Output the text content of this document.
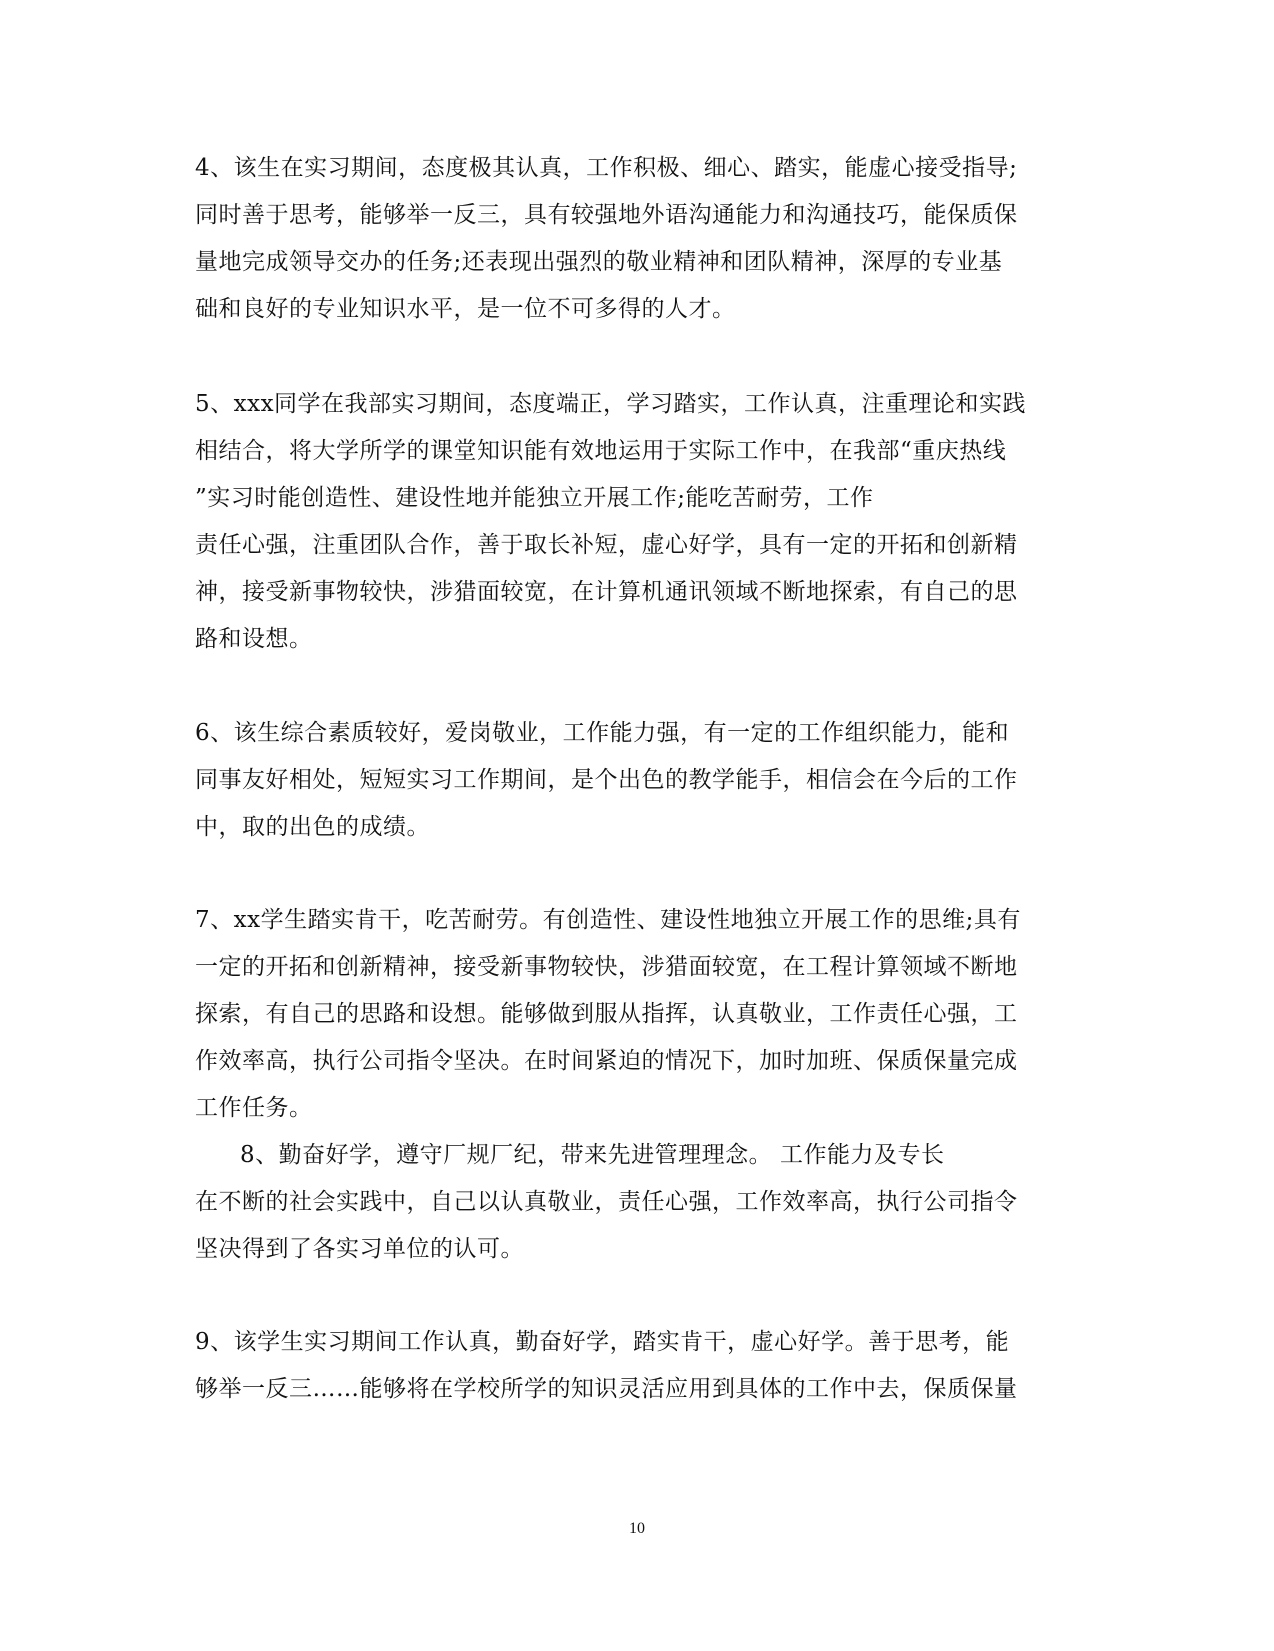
4、该生在实习期间，态度极其认真，工作积极、细心、踏实，能虚心接受指导;
同时善于思考，能够举一反三，具有较强地外语沟通能力和沟通技巧，能保质保
量地完成领导交办的任务;还表现出强烈的敬业精神和团队精神，深厚的专业基
础和良好的专业知识水平，是一位不可多得的人才。
5、xxx同学在我部实习期间，态度端正，学习踏实，工作认真，注重理论和实践
相结合，将大学所学的课堂知识能有效地运用于实际工作中，在我部“重庆热线
”实习时能创造性、建设性地并能独立开展工作;能吃苦耐劳，工作
责任心强，注重团队合作，善于取长补短，虚心好学，具有一定的开拓和创新精
神，接受新事物较快，涉猎面较宽，在计算机通讯领域不断地探索，有自己的思
路和设想。
6、该生综合素质较好，爱岗敬业，工作能力强，有一定的工作组织能力，能和
同事友好相处，短短实习工作期间，是个出色的教学能手，相信会在今后的工作
中，取的出色的成绩。
7、xx学生踏实肯干，吃苦耐劳。有创造性、建设性地独立开展工作的思维;具有
一定的开拓和创新精神，接受新事物较快，涉猎面较宽，在工程计算领域不断地
探索，有自己的思路和设想。能够做到服从指挥，认真敬业，工作责任心强，工
作效率高，执行公司指令坚决。在时间紧迫的情况下，加时加班、保质保量完成
工作任务。
8、勤奋好学，遵守厂规厂纪，带来先进管理理念。 工作能力及专长
在不断的社会实践中，自己以认真敬业，责任心强，工作效率高，执行公司指令
坚决得到了各实习单位的认可。
9、该学生实习期间工作认真，勤奋好学，踏实肯干，虚心好学。善于思考，能
够举一反三……能够将在学校所学的知识灵活应用到具体的工作中去，保质保量
10
